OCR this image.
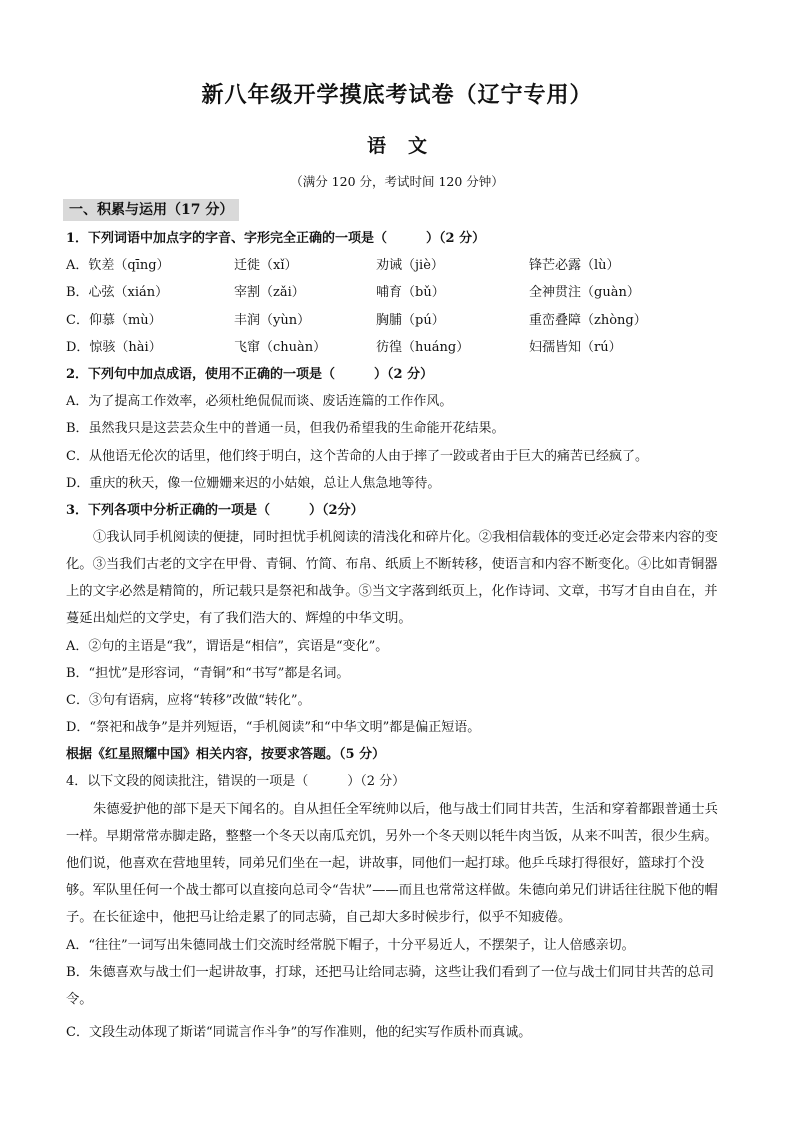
新八年级开学摸底考试卷（辽宁专用）
语文
（满分 120 分，考试时间 120 分钟）
一、积累与运用（17 分）
1．下列词语中加点字的字音、字形完全正确的一项是（　　　）（2 分）
A．钦差（qīng）	迁徙（xǐ）	劝诫（jiè）	锋芒必露（lù）
B．心弦（xián）	宰割（zǎi）	哺育（bǔ）	全神贯注（guàn）
C．仰慕（mù）	丰润（yùn）	胸脯（pú）	重峦叠障（zhòng）
D．惊骇（hài）	飞窜（chuàn）	彷徨（huáng）	妇孺皆知（rú）
2．下列句中加点成语，使用不正确的一项是（　　　）（2 分）
A．为了提高工作效率，必须杜绝侃侃而谈、废话连篇的工作作风。
B．虽然我只是这芸芸众生中的普通一员，但我仍希望我的生命能开花结果。
C．从他语无伦次的话里，他们终于明白，这个苦命的人由于摔了一跤或者由于巨大的痛苦已经疯了。
D．重庆的秋天，像一位姗姗来迟的小姑娘，总让人焦急地等待。
3．下列各项中分析正确的一项是（　　　）（2分）

①我认同手机阅读的便捷，同时担忧手机阅读的清浅化和碎片化。②我相信载体的变迁必定会带来内容的变化。③当我们古老的文字在甲骨、青铜、竹简、布帛、纸质上不断转移，使语言和内容不断变化。④比如青铜器上的文字必然是精简的，所记载只是祭祀和战争。⑤当文字落到纸页上，化作诗词、文章，书写才自由自在，并蔓延出灿烂的文学史，有了我们浩大的、辉煌的中华文明。

A．②句的主语是“我”，谓语是“相信”，宾语是“变化”。
B．“担忧”是形容词，“青铜”和“书写”都是名词。
C．③句有语病，应将“转移”改做“转化”。
D．“祭祀和战争”是并列短语，“手机阅读”和“中华文明”都是偏正短语。
根据《红星照耀中国》相关内容，按要求答题。（5 分）
4．以下文段的阅读批注，错误的一项是（　　　）（2 分）

朱德爱护他的部下是天下闻名的。自从担任全军统帅以后，他与战士们同甘共苦，生活和穿着都跟普通士兵一样。早期常常赤脚走路，整整一个冬天以南瓜充饥，另外一个冬天则以牦牛肉当饭，从来不叫苦，很少生病。他们说，他喜欢在营地里转，同弟兄们坐在一起，讲故事，同他们一起打球。他乒乓球打得很好，篮球打个没够。军队里任何一个战士都可以直接向总司令“告状”——而且也常常这样做。朱德向弟兄们讲话往往脱下他的帽子。在长征途中，他把马让给走累了的同志骑，自己却大多时候步行，似乎不知疲倦。

A．“往往”一词写出朱德同战士们交流时经常脱下帽子，十分平易近人，不摆架子，让人倍感亲切。

B．朱德喜欢与战士们一起讲故事，打球，还把马让给同志骑，这些让我们看到了一位与战士们同甘共苦的总司令。

C．文段生动体现了斯诺“同谎言作斗争”的写作准则，他的纪实写作质朴而真诚。
